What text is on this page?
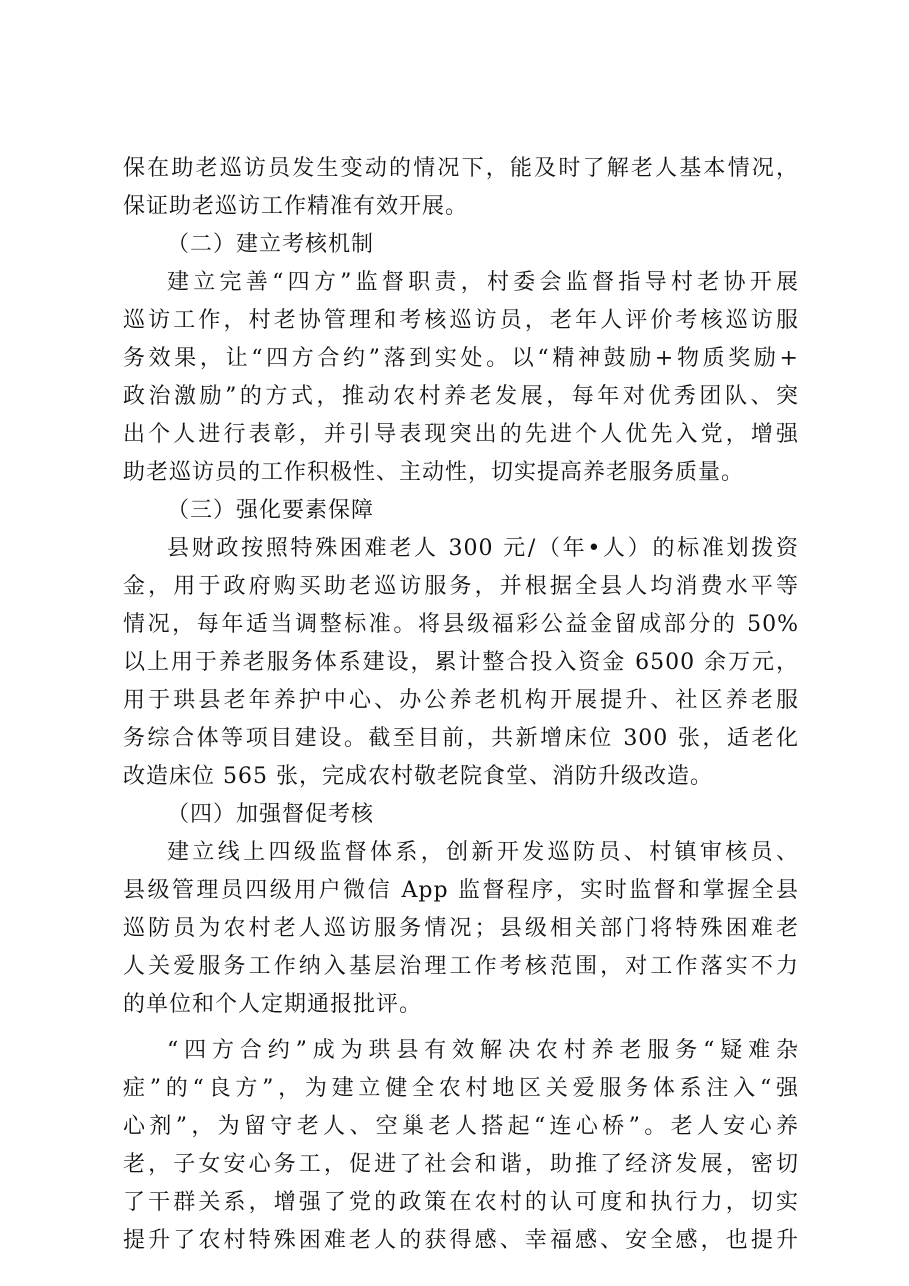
保在助老巡访员发生变动的情况下，能及时了解老人基本情况，
保证助老巡访工作精准有效开展。

（二）建立考核机制

建立完善“四方”监督职责，村委会监督指导村老协开展
巡访工作，村老协管理和考核巡访员，老年人评价考核巡访服
务效果，让“四方合约”落到实处。以“精神鼓励+物质奖励+
政治激励”的方式，推动农村养老发展，每年对优秀团队、突
出个人进行表彰，并引导表现突出的先进个人优先入党，增强
助老巡访员的工作积极性、主动性，切实提高养老服务质量。

（三）强化要素保障

县财政按照特殊困难老人 300 元/（年•人）的标准划拨资
金，用于政府购买助老巡访服务，并根据全县人均消费水平等
情况，每年适当调整标准。将县级福彩公益金留成部分的 50%
以上用于养老服务体系建设，累计整合投入资金 6500 余万元，
用于珙县老年养护中心、办公养老机构开展提升、社区养老服
务综合体等项目建设。截至目前，共新增床位 300 张，适老化
改造床位 565 张，完成农村敬老院食堂、消防升级改造。

（四）加强督促考核

建立线上四级监督体系，创新开发巡防员、村镇审核员、
县级管理员四级用户微信 App 监督程序，实时监督和掌握全县
巡防员为农村老人巡访服务情况；县级相关部门将特殊困难老
人关爱服务工作纳入基层治理工作考核范围，对工作落实不力
的单位和个人定期通报批评。

“四方合约”成为珙县有效解决农村养老服务“疑难杂
症”的“良方”，为建立健全农村地区关爱服务体系注入“强
心剂”，为留守老人、空巢老人搭起“连心桥”。老人安心养
老，子女安心务工，促进了社会和谐，助推了经济发展，密切
了干群关系，增强了党的政策在农村的认可度和执行力，切实
提升了农村特殊困难老人的获得感、幸福感、安全感，也提升
